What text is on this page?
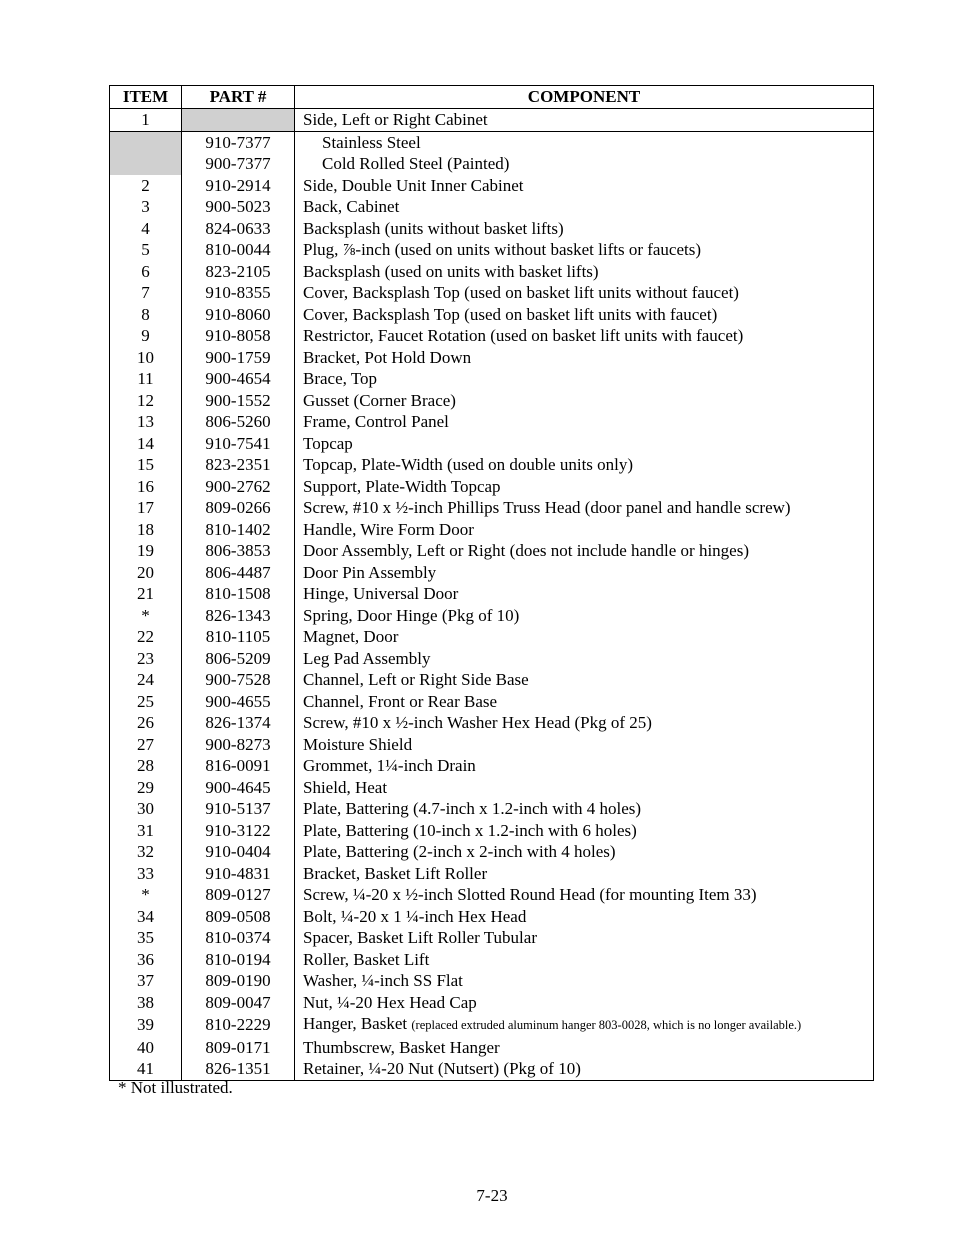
ITEM	PART #	COMPONENT
1		Side, Left or Right Cabinet
	910-7377	Stainless Steel
	900-7377	Cold Rolled Steel (Painted)
2	910-2914	Side, Double Unit Inner Cabinet
3	900-5023	Back, Cabinet
4	824-0633	Backsplash (units without basket lifts)
5	810-0044	Plug, ⅞-inch (used on units without basket lifts or faucets)
6	823-2105	Backsplash (used on units with basket lifts)
7	910-8355	Cover, Backsplash Top (used on basket lift units without faucet)
8	910-8060	Cover, Backsplash Top (used on basket lift units with faucet)
9	910-8058	Restrictor, Faucet Rotation (used on basket lift units with faucet)
10	900-1759	Bracket, Pot Hold Down
11	900-4654	Brace, Top
12	900-1552	Gusset (Corner Brace)
13	806-5260	Frame, Control Panel
14	910-7541	Topcap
15	823-2351	Topcap, Plate-Width (used on double units only)
16	900-2762	Support, Plate-Width Topcap
17	809-0266	Screw, #10 x ½-inch Phillips Truss Head (door panel and handle screw)
18	810-1402	Handle, Wire Form Door
19	806-3853	Door Assembly, Left or Right (does not include handle or hinges)
20	806-4487	Door Pin Assembly
21	810-1508	Hinge, Universal Door
*	826-1343	Spring, Door Hinge (Pkg of 10)
22	810-1105	Magnet, Door
23	806-5209	Leg Pad Assembly
24	900-7528	Channel, Left or Right Side Base
25	900-4655	Channel, Front or Rear Base
26	826-1374	Screw, #10 x ½-inch Washer Hex Head (Pkg of 25)
27	900-8273	Moisture Shield
28	816-0091	Grommet, 1¼-inch Drain
29	900-4645	Shield, Heat
30	910-5137	Plate, Battering (4.7-inch x 1.2-inch with 4 holes)
31	910-3122	Plate, Battering (10-inch x 1.2-inch with 6 holes)
32	910-0404	Plate, Battering (2-inch x 2-inch with 4 holes)
33	910-4831	Bracket, Basket Lift Roller
*	809-0127	Screw, ¼-20 x ½-inch Slotted Round Head (for mounting Item 33)
34	809-0508	Bolt, ¼-20 x 1 ¼-inch Hex Head
35	810-0374	Spacer, Basket Lift Roller Tubular
36	810-0194	Roller, Basket Lift
37	809-0190	Washer, ¼-inch SS Flat
38	809-0047	Nut, ¼-20 Hex Head Cap
39	810-2229	Hanger, Basket (replaced extruded aluminum hanger 803-0028, which is no longer available.)
40	809-0171	Thumbscrew, Basket Hanger
41	826-1351	Retainer, ¼-20 Nut (Nutsert) (Pkg of 10)
* Not illustrated.
7-23
